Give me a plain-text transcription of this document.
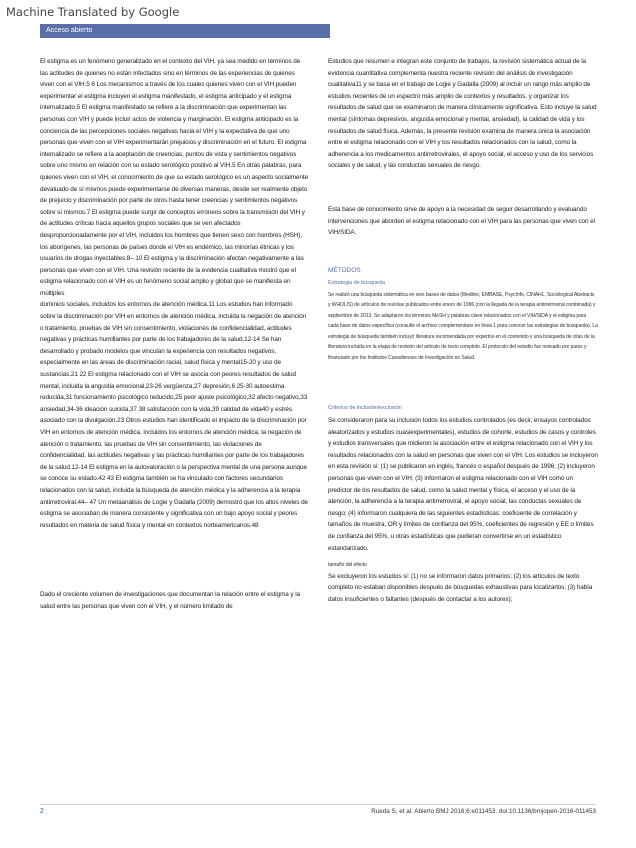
Machine Translated by Google
Acceso abierto

El estigma es un fenómeno generalizado en el contexto del VIH, ya sea medido en términos de las actitudes de quienes no están infectados sino en términos de las experiencias de quienes viven con el VIH.5 6 Los mecanismos a través de los cuales quienes viven con el VIH pueden experimentar el estigma incluyen el estigma manifestado, el estigma anticipado y el estigma internalizado.5 El estigma manifestado se refiere a la discriminación que experimentan las personas con VIH y puede incluir actos de violencia y marginación. El estigma anticipado es la conciencia de las percepciones sociales negativas hacia el VIH y la expectativa de que uno personas que viven con el VIH experimentarán prejuicios y discriminación en el futuro. El estigma internalizado se refiere a la aceptación de creencias, puntos de vista y sentimientos negativos sobre uno mismo en relación con su estado serológico positivo al VIH.5 En otras palabras, para quienes viven con el VIH, el conocimiento de que su estado serológico es un aspecto socialmente devaluado de sí mismos puede experimentarse de diversas maneras, desde ser realmente objeto de prejuicio y discriminación por parte de otros hasta tener creencias y sentimientos negativos sobre sí mismos.7 El estigma puede surgir de conceptos erróneos sobre la transmisión del VIH y de actitudes críticas hacia aquellos grupos sociales que se ven afectados desproporcionadamente por el VIH, incluidos los hombres que tienen sexo con hombres (HSH), los aborígenes, las personas de países donde el VIH es endémico, las minorías étnicas y los usuarios de drogas inyectables.8– 10 El estigma y la discriminación afectan negativamente a las personas que viven con el VIH. Una revisión reciente de la evidencia cualitativa mostró que el estigma relacionado con el VIH es un fenómeno social amplio y global que se manifiesta en múltiples

dominios sociales, incluidos los entornos de atención médica.11 Los estudios han informado sobre la discriminación por VIH en entornos de atención médica, incluida la negación de atención o tratamiento, pruebas de VIH sin consentimiento, violaciones de confidencialidad, actitudes negativas y prácticas humillantes por parte de los trabajadores de la salud.12-14 Se han desarrollado y probado modelos que vinculan la experiencia con resultados negativos, especialmente en las áreas de discriminación racial, salud física y mental15-20 y uso de sustancias.21 22 El estigma relacionado con el VIH se asocia con peores resultados de salud mental, incluida la angustia emocional,23-26 vergüenza,27 depresión,6 25-30 autoestima reducida,31 funcionamiento psicológico reducido,25 peor ajuste psicológico,32 afecto negativo,33 ansiedad,34-36 ideación suicida,37 38 satisfacción con la vida,39 calidad de vida40 y estrés asociado con la divulgación.23 Otros estudios han identificado el impacto de la discriminación por VIH en entornos de atención médica, incluidos los entornos de atención médica, la negación de atención o tratamiento, las pruebas de VIH sin consentimiento, las violaciones de confidencialidad, las actitudes negativas y las prácticas humillantes por parte de los trabajadores de la salud.12-14 El estigma en la autovaloración o la perspectiva mental de una persona aunque se conoce su estado.42 43 El estigma también se ha vinculado con factores secundarios relacionados con la salud, incluida la búsqueda de atención médica y la adherencia a la terapia antirretroviral.44– 47 Un metaanálisis de Logie y Gadalla (2009) demostró que los altos niveles de estigma se asociaban de manera consistente y significativa con un bajo apoyo social y peores resultados en materia de salud física y mental en contextos norteamericanos.48

Dado el creciente volumen de investigaciones que documentan la relación entre el estigma y la salud entre las personas que viven con el VIH, y el número limitado de

Estudios que resumen e integran este conjunto de trabajos, la revisión sistemática actual de la evidencia cuantitativa complementa nuestra reciente revisión del análisis de investigación cualitativa11 y se basa en el trabajo de Logie y Gadalla (2009) al incluir un rango más amplio de estudios recientes de un espectro más amplio de contextos y resultados, y organizar los resultados de salud que se examinaron de manera clínicamente significativa. Esto incluye la salud mental (síntomas depresivos, angustia emocional y mental, ansiedad), la calidad de vida y los resultados de salud física. Además, la presente revisión examina de manera única la asociación entre el estigma relacionado con el VIH y los resultados relacionados con la salud, como la adherencia a los medicamentos antirretrovirales, el apoyo social, el acceso y uso de los servicios sociales y de salud, y las conductas sexuales de riesgo.

Esta base de conocimiento sirve de apoyo a la necesidad de seguir desarrollando y evaluando intervenciones que aborden el estigma relacionado con el VIH para las personas que viven con el VIH/SIDA.

MÉTODOS

Estrategia de búsqueda

Se realizó una búsqueda sistemática en seis bases de datos (Medline, EMBASE, PsycInfo, CINAHL, Sociological Abstracts y WHOLIS) de artículos de revistas publicados entre enero de 1996 (con la llegada de la terapia antirretroviral combinada) y septiembre de 2013. Se adaptaron los términos MeSH y palabras clave relacionados con el VIH/SIDA y el estigma para cada base de datos específica (consulte el archivo complementario en línea 1 para conocer las estrategias de búsqueda). La estrategia de búsqueda también incluyó literatura recomendada por expertos en el contenido y una búsqueda de citas de la literatura incluida en la etapa de revisión del artículo de texto completo. El protocolo del estudio fue revisado por pares y financiado por los Institutos Canadienses de Investigación en Salud.

Criterios de inclusión/exclusión

Se consideraron para su inclusión todos los estudios controlados (es decir, ensayos controlados aleatorizados y estudios cuasiexperimentales), estudios de cohorte, estudios de casos y controles y estudios transversales que midieron la asociación entre el estigma relacionado con el VIH y los resultados relacionados con la salud en personas que viven con el VIH. Los estudios se incluyeron en esta revisión si: (1) se publicaron en inglés, francés o español después de 1996; (2) incluyeron personas que viven con el VIH; (3) informaron el estigma relacionado con el VIH como un predictor de los resultados de salud, como la salud mental y física, el acceso y el uso de la atención, la adherencia a la terapia antirretroviral, el apoyo social, las conductas sexuales de riesgo; (4) informaron cualquiera de las siguientes estadísticas: coeficiente de correlación y tamaños de muestra, OR y límites de confianza del 95%, coeficientes de regresión y EE o límites de confianza del 95%, u otras estadísticas que pudieran convertirse en un estadístico estandarizado.

tamaño del efecto

Se excluyeron los estudios si: (1) no se informaron datos primarios; (2) los artículos de texto completo no estaban disponibles después de búsquedas exhaustivas para localizarlos; (3) había datos insuficientes o faltantes (después de contactar a los autores);

2	Rueda S, et al. Abierto BMJ 2016;6:e011453. doi:10.1136/bmjopen-2016-011453
